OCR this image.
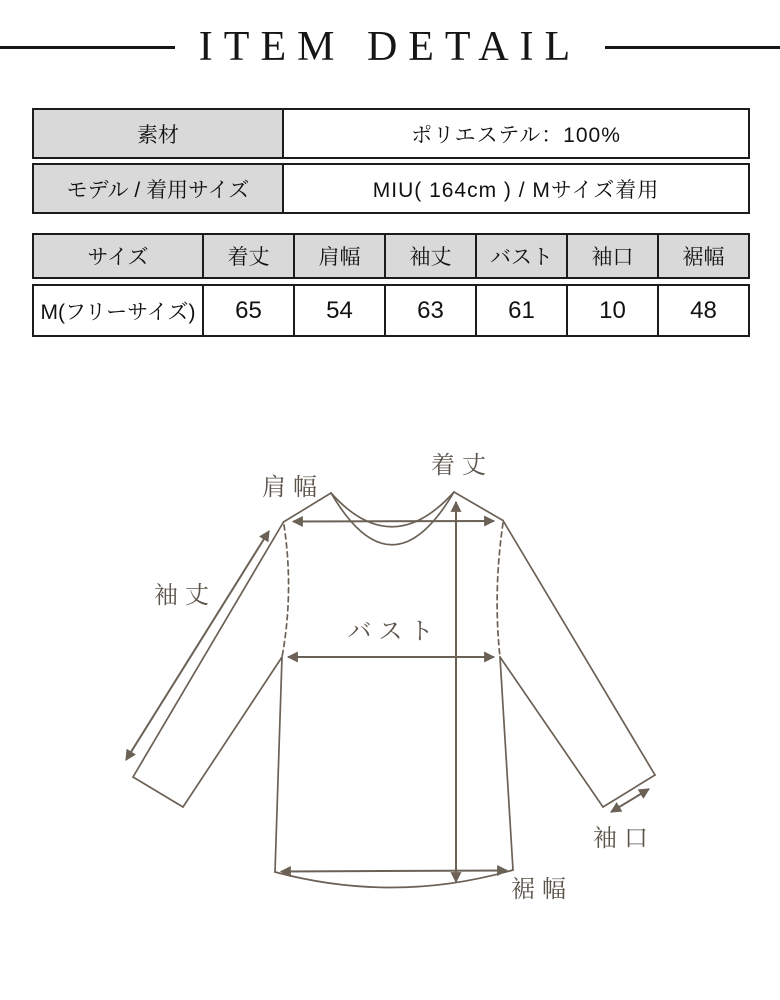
ITEM DETAIL
素材	ポリエステル：100%
モデル / 着用サイズ	MIU( 164cm ) / Mサイズ着用
サイズ	着丈	肩幅	袖丈	バスト	袖口	裾幅
M(フリーサイズ)	65	54	63	61	10	48
着丈
肩幅
袖丈
バスト
袖口
裾幅
